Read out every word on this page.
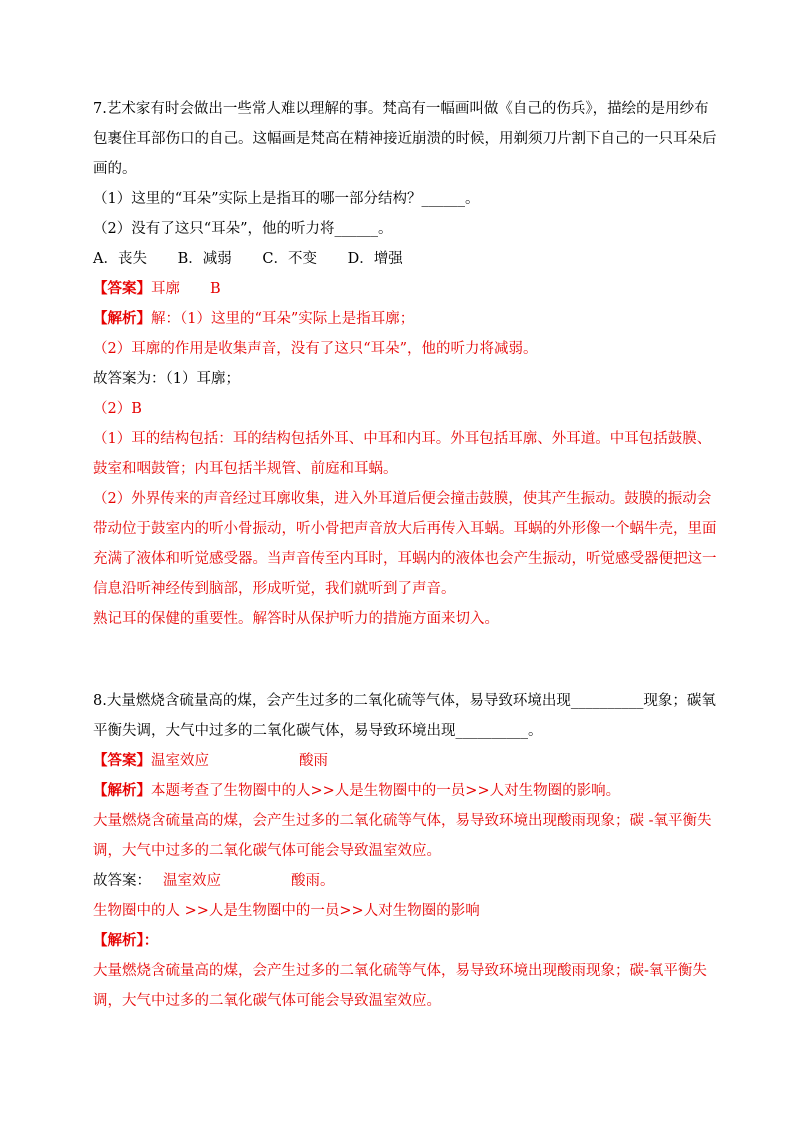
7.艺术家有时会做出一些常人难以理解的事。梵高有一幅画叫做《自己的伤兵》，描绘的是用纱布
包裹住耳部伤口的自己。这幅画是梵高在精神接近崩溃的时候，用剃须刀片割下自己的一只耳朵后
画的。
（1）这里的“耳朵”实际上是指耳的哪一部分结构？______。
（2）没有了这只“耳朵”，他的听力将______。
A．丧失 B．减弱 C．不变 D．增强
【答案】耳廓 B
【解析】解：（1）这里的“耳朵”实际上是指耳廓；
（2）耳廓的作用是收集声音，没有了这只“耳朵”，他的听力将减弱。
故答案为：（1）耳廓；
（2）B
（1）耳的结构包括：耳的结构包括外耳、中耳和内耳。外耳包括耳廓、外耳道。中耳包括鼓膜、
鼓室和咽鼓管；内耳包括半规管、前庭和耳蜗。
（2）外界传来的声音经过耳廓收集，进入外耳道后便会撞击鼓膜，使其产生振动。鼓膜的振动会
带动位于鼓室内的听小骨振动，听小骨把声音放大后再传入耳蜗。耳蜗的外形像一个蜗牛壳，里面
充满了液体和听觉感受器。当声音传至内耳时，耳蜗内的液体也会产生振动，听觉感受器便把这一
信息沿听神经传到脑部，形成听觉，我们就听到了声音。
熟记耳的保健的重要性。解答时从保护听力的措施方面来切入。
8.大量燃烧含硫量高的煤，会产生过多的二氧化硫等气体，易导致环境出现__________现象；碳氧
平衡失调，大气中过多的二氧化碳气体，易导致环境出现__________。
【答案】温室效应	酸雨
【解析】本题考查了生物圈中的人>>人是生物圈中的一员>>人对生物圈的影响。
大量燃烧含硫量高的煤，会产生过多的二氧化硫等气体，易导致环境出现酸雨现象；碳 -氧平衡失
调，大气中过多的二氧化碳气体可能会导致温室效应。
故答案： 温室效应	酸雨。
生物圈中的人 >>人是生物圈中的一员>>人对生物圈的影响
【解析】：
大量燃烧含硫量高的煤，会产生过多的二氧化硫等气体，易导致环境出现酸雨现象；碳-氧平衡失
调，大气中过多的二氧化碳气体可能会导致温室效应。
